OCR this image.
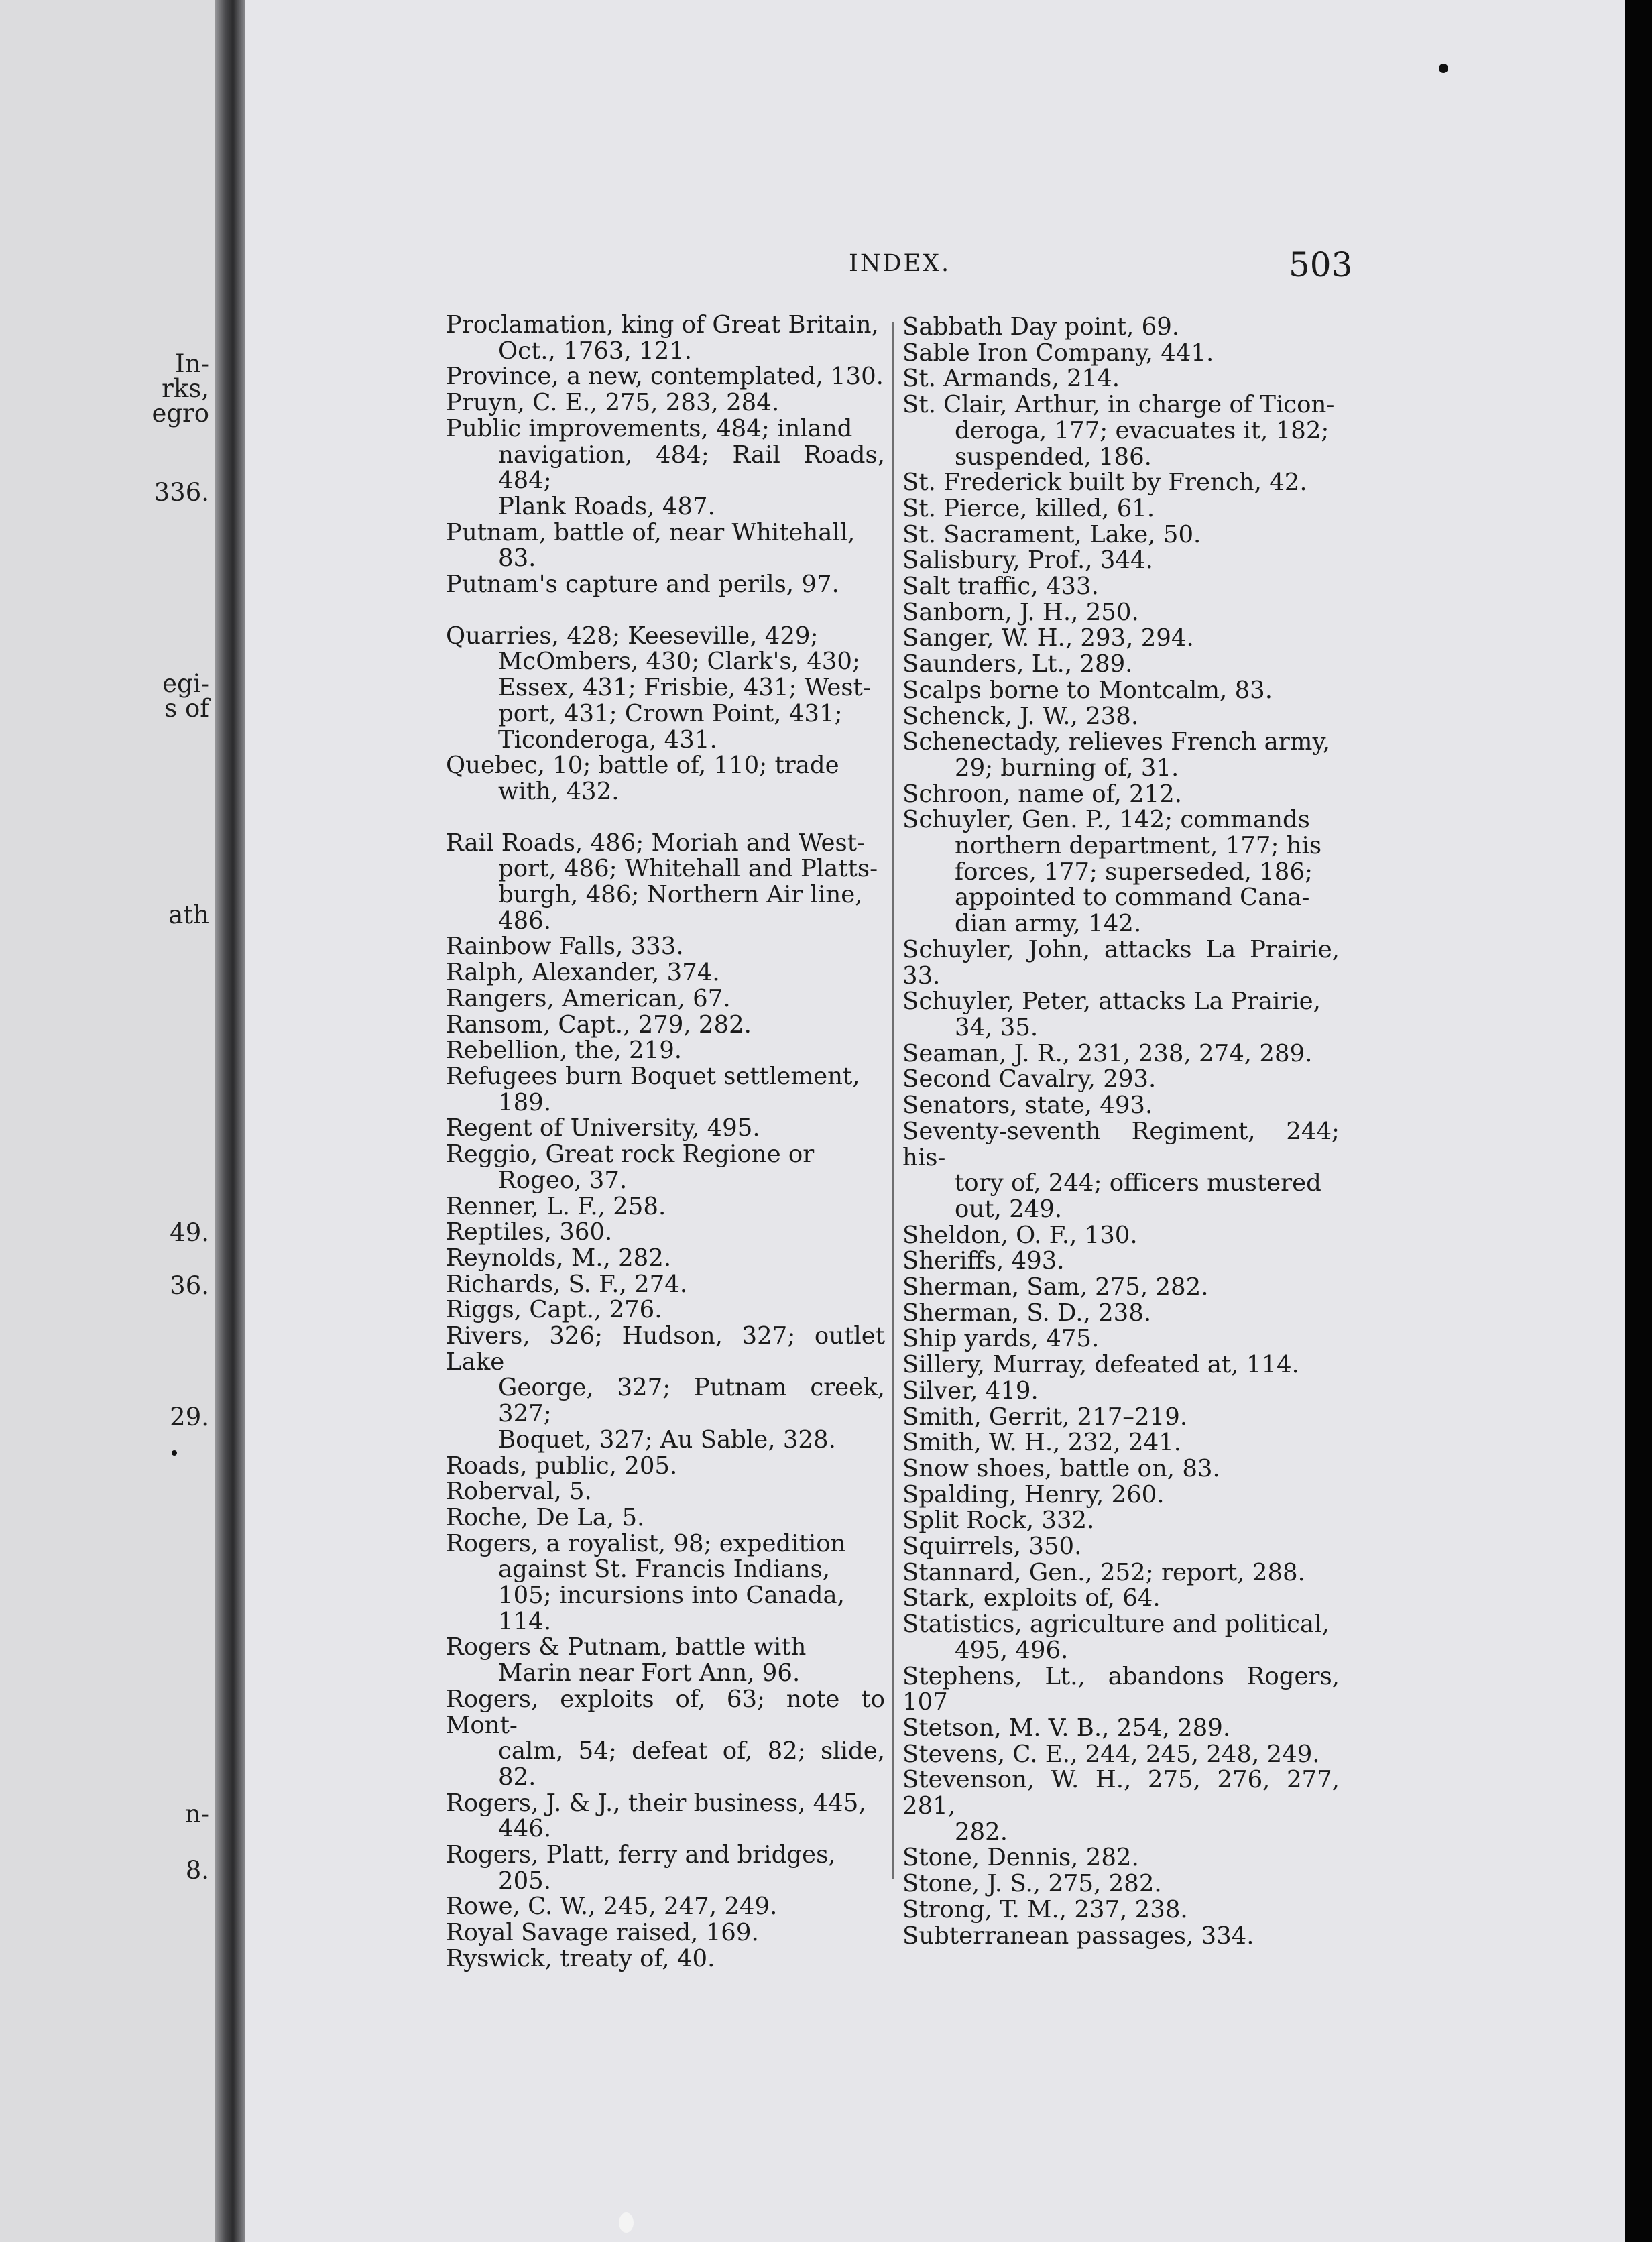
In-
rks,
egro
336.
egi-
s of
ath
49.
36.
29.
n-
8.
INDEX.	503
Proclamation, king of Great Britain,
Oct., 1763, 121.
Province, a new, contemplated, 130.
Pruyn, C. E., 275, 283, 284.
Public improvements, 484; inland
navigation, 484; Rail Roads, 484;
Plank Roads, 487.
Putnam, battle of, near Whitehall,
83.
Putnam's capture and perils, 97.
Quarries, 428; Keeseville, 429;
McOmbers, 430; Clark's, 430;
Essex, 431; Frisbie, 431; West-
port, 431; Crown Point, 431;
Ticonderoga, 431.
Quebec, 10; battle of, 110; trade
with, 432.
Rail Roads, 486; Moriah and West-
port, 486; Whitehall and Platts-
burgh, 486; Northern Air line,
486.
Rainbow Falls, 333.
Ralph, Alexander, 374.
Rangers, American, 67.
Ransom, Capt., 279, 282.
Rebellion, the, 219.
Refugees burn Boquet settlement,
189.
Regent of University, 495.
Reggio, Great rock Regione or
Rogeo, 37.
Renner, L. F., 258.
Reptiles, 360.
Reynolds, M., 282.
Richards, S. F., 274.
Riggs, Capt., 276.
Rivers, 326; Hudson, 327; outlet Lake
George, 327; Putnam creek, 327;
Boquet, 327; Au Sable, 328.
Roads, public, 205.
Roberval, 5.
Roche, De La, 5.
Rogers, a royalist, 98; expedition
against St. Francis Indians,
105; incursions into Canada,
114.
Rogers & Putnam, battle with
Marin near Fort Ann, 96.
Rogers, exploits of, 63; note to Mont-
calm, 54; defeat of, 82; slide, 82.
Rogers, J. & J., their business, 445,
446.
Rogers, Platt, ferry and bridges,
205.
Rowe, C. W., 245, 247, 249.
Royal Savage raised, 169.
Ryswick, treaty of, 40.
Sabbath Day point, 69.
Sable Iron Company, 441.
St. Armands, 214.
St. Clair, Arthur, in charge of Ticon-
deroga, 177; evacuates it, 182;
suspended, 186.
St. Frederick built by French, 42.
St. Pierce, killed, 61.
St. Sacrament, Lake, 50.
Salisbury, Prof., 344.
Salt traffic, 433.
Sanborn, J. H., 250.
Sanger, W. H., 293, 294.
Saunders, Lt., 289.
Scalps borne to Montcalm, 83.
Schenck, J. W., 238.
Schenectady, relieves French army,
29; burning of, 31.
Schroon, name of, 212.
Schuyler, Gen. P., 142; commands
northern department, 177; his
forces, 177; superseded, 186;
appointed to command Cana-
dian army, 142.
Schuyler, John, attacks La Prairie, 33.
Schuyler, Peter, attacks La Prairie,
34, 35.
Seaman, J. R., 231, 238, 274, 289.
Second Cavalry, 293.
Senators, state, 493.
Seventy-seventh Regiment, 244; his-
tory of, 244; officers mustered
out, 249.
Sheldon, O. F., 130.
Sheriffs, 493.
Sherman, Sam, 275, 282.
Sherman, S. D., 238.
Ship yards, 475.
Sillery, Murray, defeated at, 114.
Silver, 419.
Smith, Gerrit, 217–219.
Smith, W. H., 232, 241.
Snow shoes, battle on, 83.
Spalding, Henry, 260.
Split Rock, 332.
Squirrels, 350.
Stannard, Gen., 252; report, 288.
Stark, exploits of, 64.
Statistics, agriculture and political,
495, 496.
Stephens, Lt., abandons Rogers, 107
Stetson, M. V. B., 254, 289.
Stevens, C. E., 244, 245, 248, 249.
Stevenson, W. H., 275, 276, 277, 281,
282.
Stone, Dennis, 282.
Stone, J. S., 275, 282.
Strong, T. M., 237, 238.
Subterranean passages, 334.
